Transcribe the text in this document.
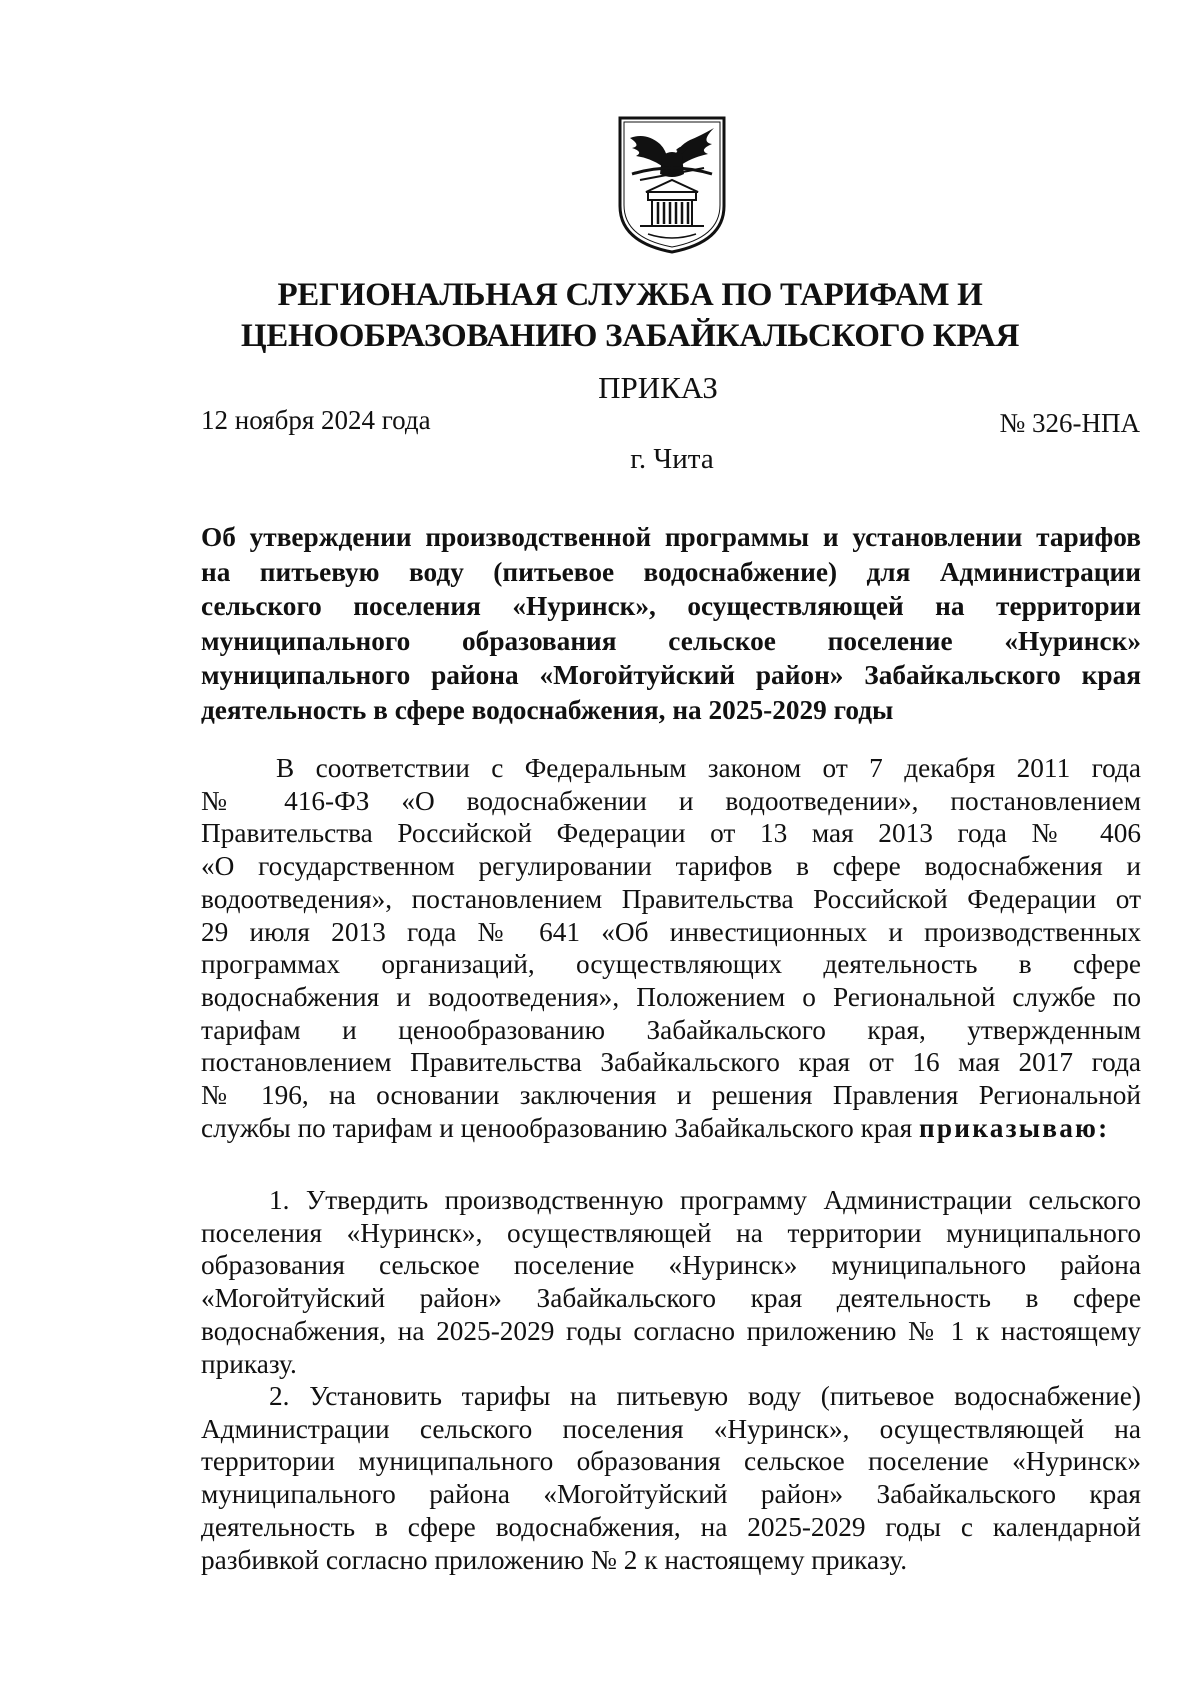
РЕГИОНАЛЬНАЯ СЛУЖБА ПО ТАРИФАМ И
ЦЕНООБРАЗОВАНИЮ ЗАБАЙКАЛЬСКОГО КРАЯ
ПРИКАЗ
12 ноября 2024 года	№ 326-НПА
г. Чита
Об утверждении производственной программы и установлении тарифов
на питьевую воду (питьевое водоснабжение) для Администрации
сельского поселения «Нуринск», осуществляющей на территории
муниципального образования сельское поселение «Нуринск»
муниципального района «Могойтуйский район» Забайкальского края
деятельность в сфере водоснабжения, на 2025-2029 годы
В соответствии с Федеральным законом от 7 декабря 2011 года
№ 416-ФЗ «О водоснабжении и водоотведении», постановлением
Правительства Российской Федерации от 13 мая 2013 года № 406
«О государственном регулировании тарифов в сфере водоснабжения и
водоотведения», постановлением Правительства Российской Федерации от
29 июля 2013 года № 641 «Об инвестиционных и производственных
программах организаций, осуществляющих деятельность в сфере
водоснабжения и водоотведения», Положением о Региональной службе по
тарифам и ценообразованию Забайкальского края, утвержденным
постановлением Правительства Забайкальского края от 16 мая 2017 года
№ 196, на основании заключения и решения Правления Региональной
службы по тарифам и ценообразованию Забайкальского края приказываю:
1. Утвердить производственную программу Администрации сельского
поселения «Нуринск», осуществляющей на территории муниципального
образования сельское поселение «Нуринск» муниципального района
«Могойтуйский район» Забайкальского края деятельность в сфере
водоснабжения, на 2025-2029 годы согласно приложению № 1 к настоящему
приказу.
2. Установить тарифы на питьевую воду (питьевое водоснабжение)
Администрации сельского поселения «Нуринск», осуществляющей на
территории муниципального образования сельское поселение «Нуринск»
муниципального района «Могойтуйский район» Забайкальского края
деятельность в сфере водоснабжения, на 2025-2029 годы с календарной
разбивкой согласно приложению № 2 к настоящему приказу.
